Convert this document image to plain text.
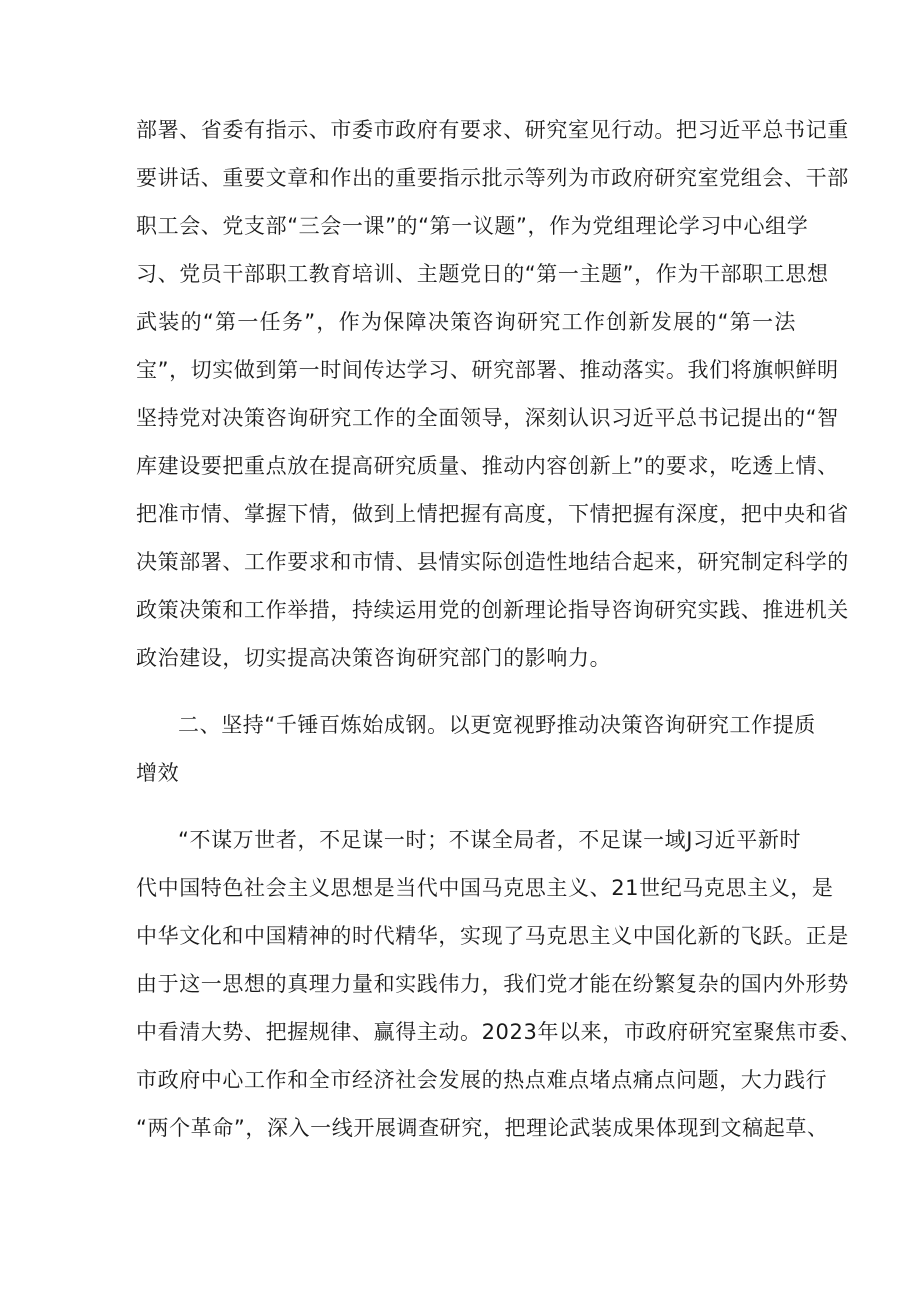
部署、省委有指示、市委市政府有要求、研究室见行动。把习近平总书记重
要讲话、重要文章和作出的重要指示批示等列为市政府研究室党组会、干部
职工会、党支部“三会一课”的“第一议题”，作为党组理论学习中心组学
习、党员干部职工教育培训、主题党日的“第一主题”，作为干部职工思想
武装的“第一任务”，作为保障决策咨询研究工作创新发展的“第一法
宝”，切实做到第一时间传达学习、研究部署、推动落实。我们将旗帜鲜明
坚持党对决策咨询研究工作的全面领导，深刻认识习近平总书记提出的“智
库建设要把重点放在提高研究质量、推动内容创新上”的要求，吃透上情、
把准市情、掌握下情，做到上情把握有高度，下情把握有深度，把中央和省
决策部署、工作要求和市情、县情实际创造性地结合起来，研究制定科学的
政策决策和工作举措，持续运用党的创新理论指导咨询研究实践、推进机关
政治建设，切实提高决策咨询研究部门的影响力。
二、坚持“千锤百炼始成钢。以更宽视野推动决策咨询研究工作提质
增效
“不谋万世者，不足谋一时；不谋全局者，不足谋一域J习近平新时
代中国特色社会主义思想是当代中国马克思主义、21世纪马克思主义，是
中华文化和中国精神的时代精华，实现了马克思主义中国化新的飞跃。正是
由于这一思想的真理力量和实践伟力，我们党才能在纷繁复杂的国内外形势
中看清大势、把握规律、赢得主动。2023年以来，市政府研究室聚焦市委、
市政府中心工作和全市经济社会发展的热点难点堵点痛点问题，大力践行
“两个革命”，深入一线开展调查研究，把理论武装成果体现到文稿起草、
